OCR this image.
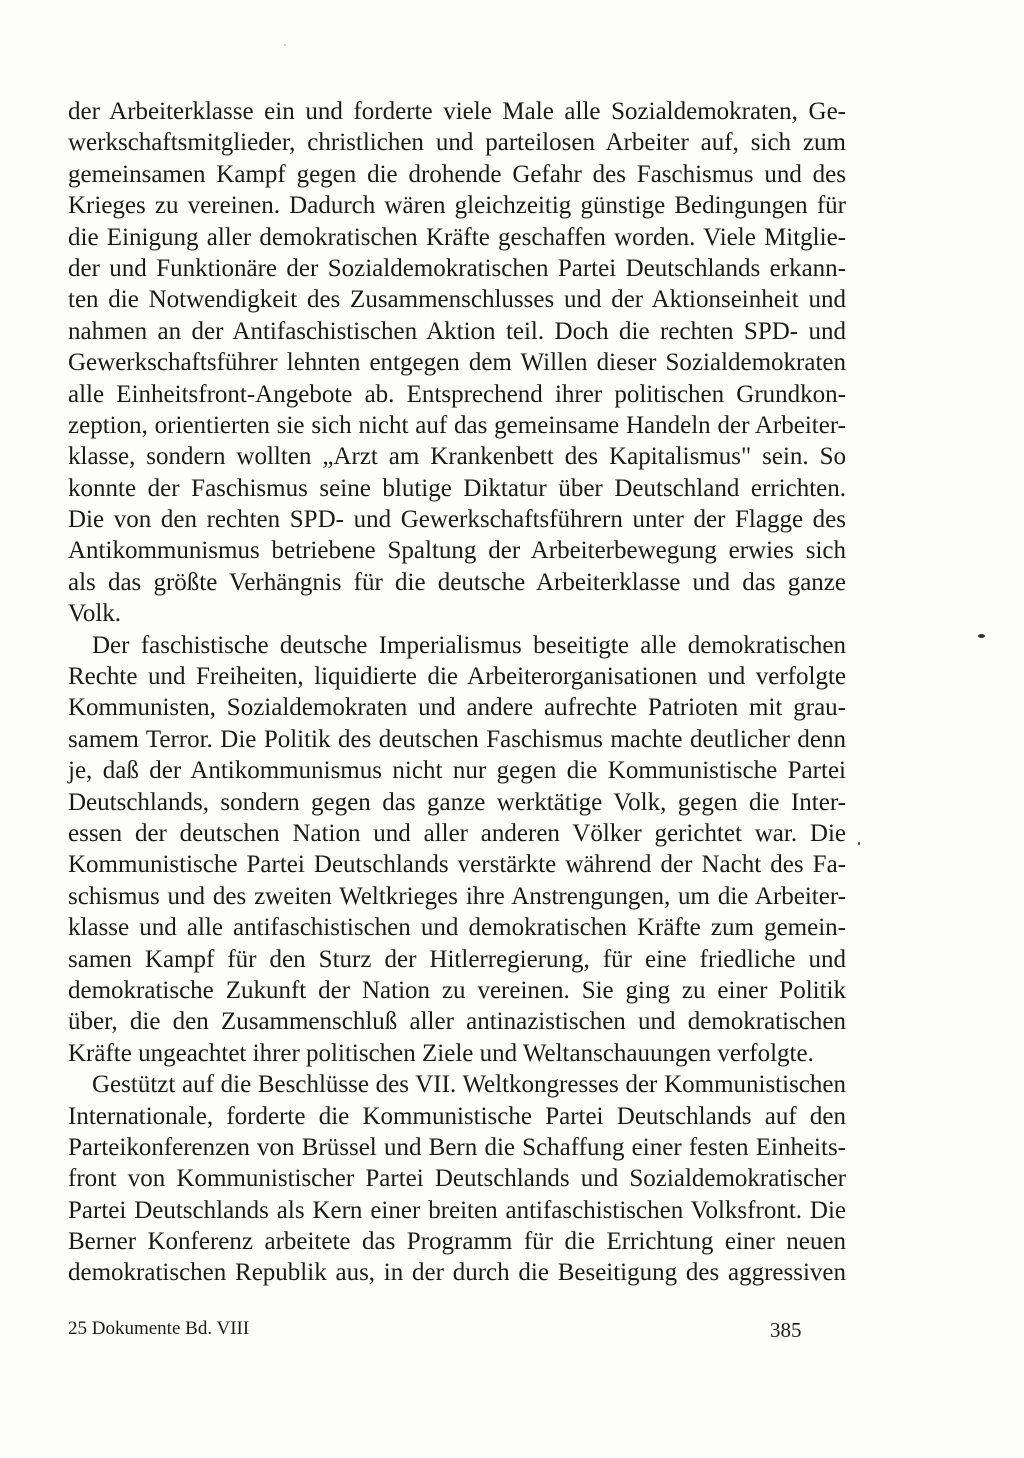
der Arbeiterklasse ein und forderte viele Male alle Sozialdemokraten, Ge-
werkschaftsmitglieder, christlichen und parteilosen Arbeiter auf, sich zum
gemeinsamen Kampf gegen die drohende Gefahr des Faschismus und des
Krieges zu vereinen. Dadurch wären gleichzeitig günstige Bedingungen für
die Einigung aller demokratischen Kräfte geschaffen worden. Viele Mitglie-
der und Funktionäre der Sozialdemokratischen Partei Deutschlands erkann-
ten die Notwendigkeit des Zusammenschlusses und der Aktionseinheit und
nahmen an der Antifaschistischen Aktion teil. Doch die rechten SPD- und
Gewerkschaftsführer lehnten entgegen dem Willen dieser Sozialdemokraten
alle Einheitsfront-Angebote ab. Entsprechend ihrer politischen Grundkon-
zeption, orientierten sie sich nicht auf das gemeinsame Handeln der Arbeiter-
klasse, sondern wollten „Arzt am Krankenbett des Kapitalismus" sein. So
konnte der Faschismus seine blutige Diktatur über Deutschland errichten.
Die von den rechten SPD- und Gewerkschaftsführern unter der Flagge des
Antikommunismus betriebene Spaltung der Arbeiterbewegung erwies sich
als das größte Verhängnis für die deutsche Arbeiterklasse und das ganze
Volk.
Der faschistische deutsche Imperialismus beseitigte alle demokratischen
Rechte und Freiheiten, liquidierte die Arbeiterorganisationen und verfolgte
Kommunisten, Sozialdemokraten und andere aufrechte Patrioten mit grau-
samem Terror. Die Politik des deutschen Faschismus machte deutlicher denn
je, daß der Antikommunismus nicht nur gegen die Kommunistische Partei
Deutschlands, sondern gegen das ganze werktätige Volk, gegen die Inter-
essen der deutschen Nation und aller anderen Völker gerichtet war. Die
Kommunistische Partei Deutschlands verstärkte während der Nacht des Fa-
schismus und des zweiten Weltkrieges ihre Anstrengungen, um die Arbeiter-
klasse und alle antifaschistischen und demokratischen Kräfte zum gemein-
samen Kampf für den Sturz der Hitlerregierung, für eine friedliche und
demokratische Zukunft der Nation zu vereinen. Sie ging zu einer Politik
über, die den Zusammenschluß aller antinazistischen und demokratischen
Kräfte ungeachtet ihrer politischen Ziele und Weltanschauungen verfolgte.
Gestützt auf die Beschlüsse des VII. Weltkongresses der Kommunistischen
Internationale, forderte die Kommunistische Partei Deutschlands auf den
Parteikonferenzen von Brüssel und Bern die Schaffung einer festen Einheits-
front von Kommunistischer Partei Deutschlands und Sozialdemokratischer
Partei Deutschlands als Kern einer breiten antifaschistischen Volksfront. Die
Berner Konferenz arbeitete das Programm für die Errichtung einer neuen
demokratischen Republik aus, in der durch die Beseitigung des aggressiven
25 Dokumente Bd. VIII	385
